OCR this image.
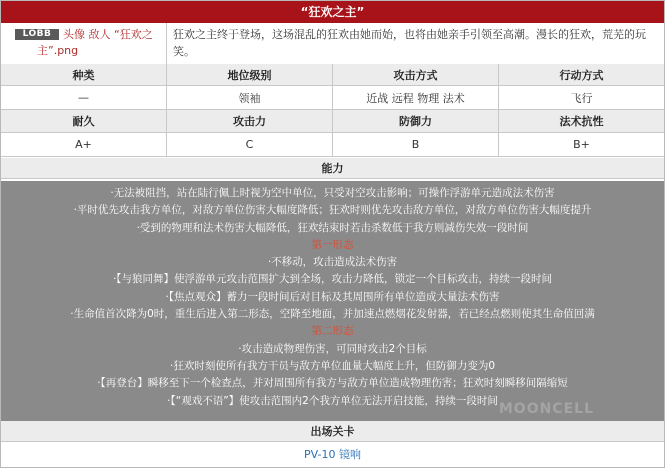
“狂欢之主”
LOBB	头像 敌人 “狂欢之
主”.png
狂欢之主终于登场，这场混乱的狂欢由她而始，也将由她亲手引领至高潮。漫长的狂欢，荒芜的玩笑。
种类	地位级别	攻击方式	行动方式
—	领袖	近战 远程 物理 法术	飞行
耐久	攻击力	防御力	法术抗性
A+	C	B	B+
能力
·无法被阻挡，站在陆行佩上时视为空中单位，只受对空攻击影响；可操作浮游单元造成法术伤害
·平时优先攻击我方单位，对敌方单位伤害大幅度降低；狂欢时则优先攻击敌方单位，对敌方单位伤害大幅度提升
·受到的物理和法术伤害大幅降低，狂欢结束时若击杀数低于我方则减伤失效一段时间
第一形态
·不移动，攻击造成法术伤害
·【与狼同舞】使浮游单元攻击范围扩大到全场，攻击力降低，锁定一个目标攻击，持续一段时间
·【焦点观众】蓄力一段时间后对目标及其周围所有单位造成大量法术伤害
·生命值首次降为0时，重生后进入第二形态，空降至地面，并加速点燃烟花发射器，若已经点燃则使其生命值回满
第二形态
·攻击造成物理伤害，可同时攻击2个目标
·狂欢时刻使所有我方干员与敌方单位血量大幅度上升，但防御力变为0
·【再登台】瞬移至下一个检查点，并对周围所有我方与敌方单位造成物理伤害；狂欢时刻瞬移间隔缩短
·【“观戏不语”】使攻击范围内2个我方单位无法开启技能，持续一段时间
MOONCELL
出场关卡
PV-10 镜响
